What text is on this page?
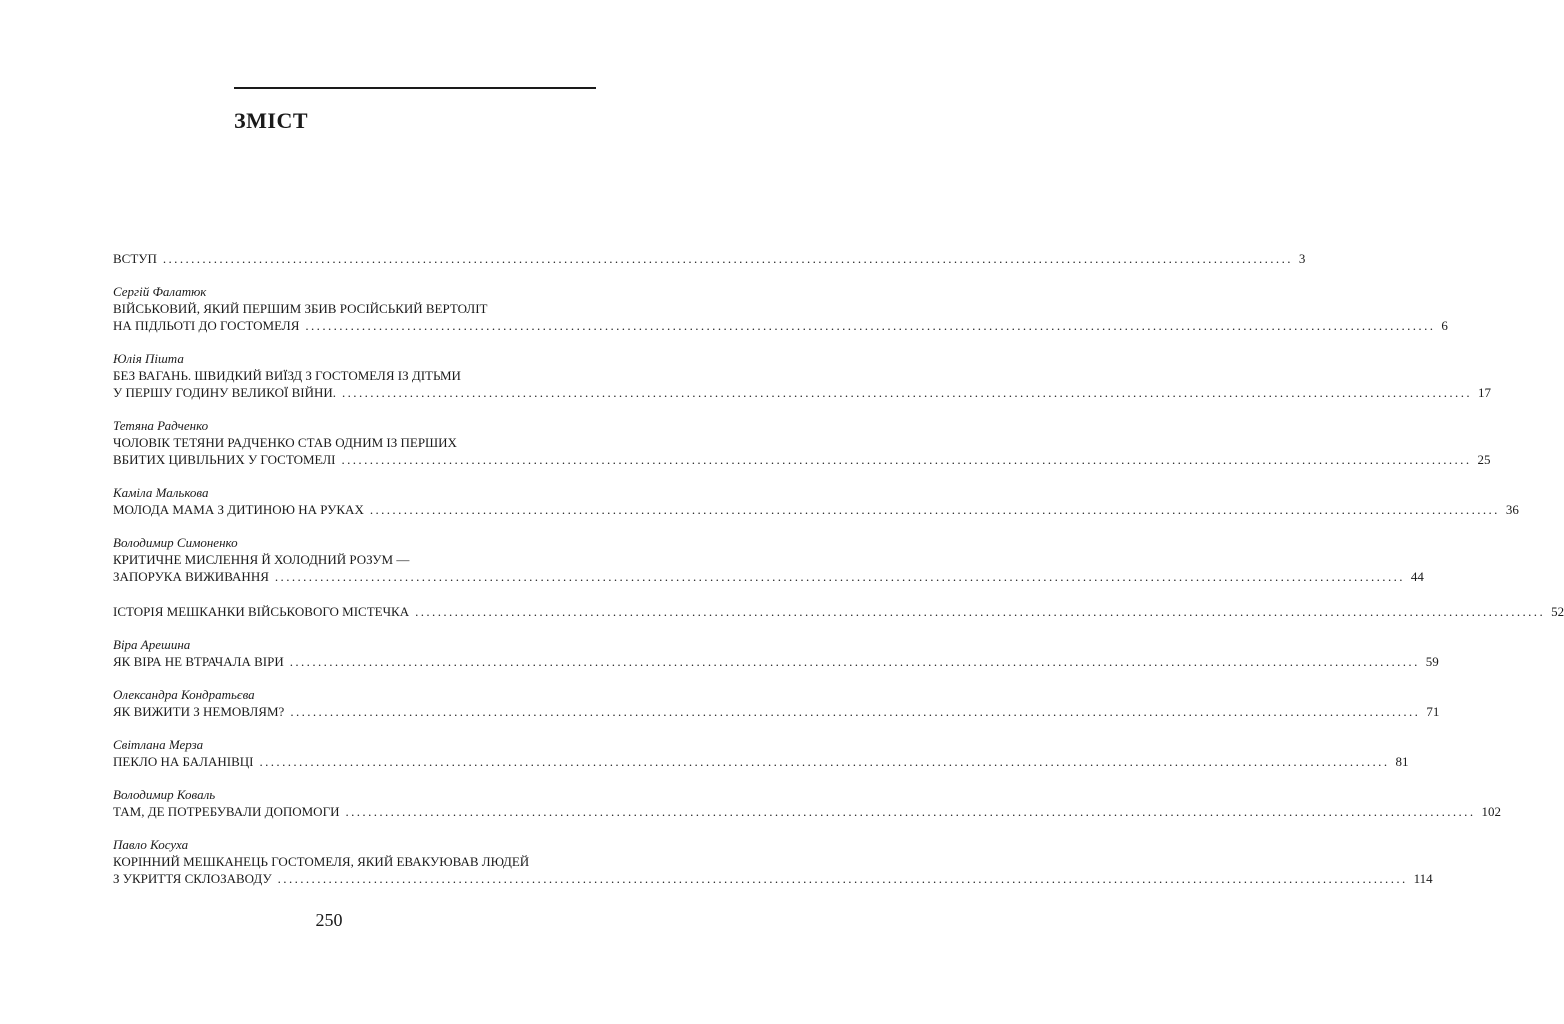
ЗМІСТ
ВСТУП ........................................................................................................................................................................................................ 3
Сергій Фалатюк
ВІЙСЬКОВИЙ, ЯКИЙ ПЕРШИМ ЗБИВ РОСІЙСЬКИЙ ВЕРТОЛІТ
НА ПІДЛЬОТІ ДО ГОСТОМЕЛЯ ........................................................................................................................................................................................................ 6
Юлія Пішта
БЕЗ ВАГАНЬ. ШВИДКИЙ ВИЇЗД З ГОСТОМЕЛЯ ІЗ ДІТЬМИ
У ПЕРШУ ГОДИНУ ВЕЛИКОЇ ВІЙНИ. ........................................................................................................................................................................................................ 17
Тетяна Радченко
ЧОЛОВІК ТЕТЯНИ РАДЧЕНКО СТАВ ОДНИМ ІЗ ПЕРШИХ
ВБИТИХ ЦИВІЛЬНИХ У ГОСТОМЕЛІ ........................................................................................................................................................................................................ 25
Каміла Малькова
МОЛОДА МАМА З ДИТИНОЮ НА РУКАХ ........................................................................................................................................................................................................ 36
Володимир Симоненко
КРИТИЧНЕ МИСЛЕННЯ Й ХОЛОДНИЙ РОЗУМ —
ЗАПОРУКА ВИЖИВАННЯ ........................................................................................................................................................................................................ 44
ІСТОРІЯ МЕШКАНКИ ВІЙСЬКОВОГО МІСТЕЧКА ........................................................................................................................................................................................................ 52
Віра Арешина
ЯК ВІРА НЕ ВТРАЧАЛА ВІРИ ........................................................................................................................................................................................................ 59
Олександра Кондратьєва
ЯК ВИЖИТИ З НЕМОВЛЯМ? ........................................................................................................................................................................................................ 71
Світлана Мерза
ПЕКЛО НА БАЛАНІВЦІ ........................................................................................................................................................................................................ 81
Володимир Коваль
ТАМ, ДЕ ПОТРЕБУВАЛИ ДОПОМОГИ ........................................................................................................................................................................................................ 102
Павло Косуха
КОРІННИЙ МЕШКАНЕЦЬ ГОСТОМЕЛЯ, ЯКИЙ ЕВАКУЮВАВ ЛЮДЕЙ
З УКРИТТЯ СКЛОЗАВОДУ ........................................................................................................................................................................................................ 114
250
